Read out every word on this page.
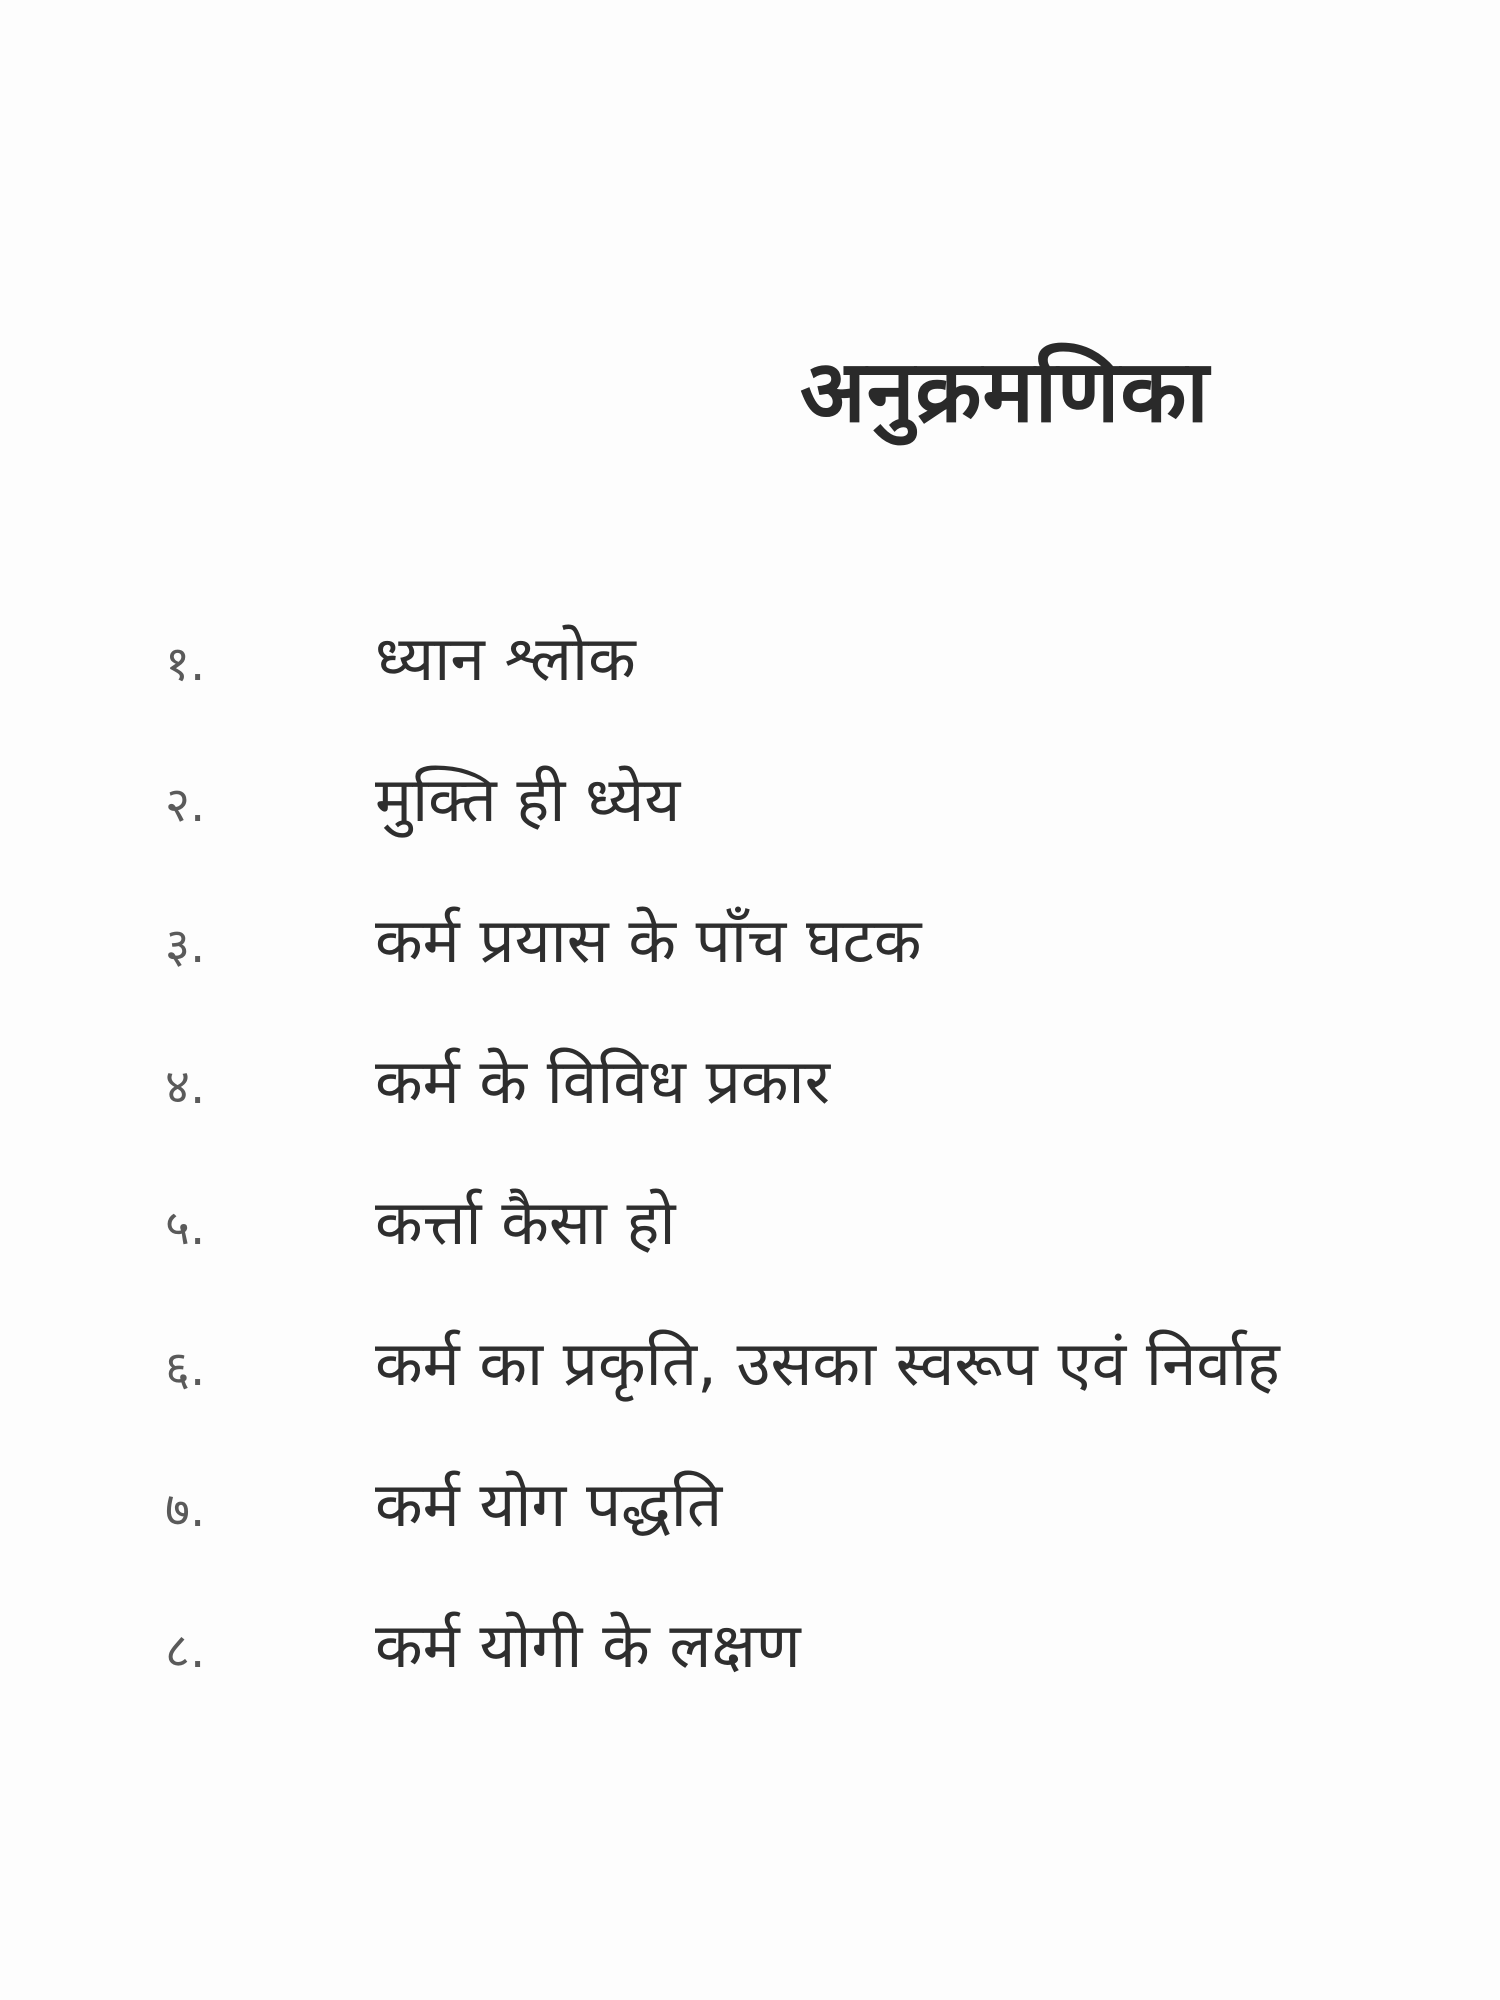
अनुक्रमणिका
१.	ध्यान श्लोक
२.	मुक्ति ही ध्येय
३.	कर्म प्रयास के पाँच घटक
४.	कर्म के विविध प्रकार
५.	कर्त्ता कैसा हो
६.	कर्म का प्रकृति, उसका स्वरूप एवं निर्वाह
७.	कर्म योग पद्धति
८.	कर्म योगी के लक्षण
